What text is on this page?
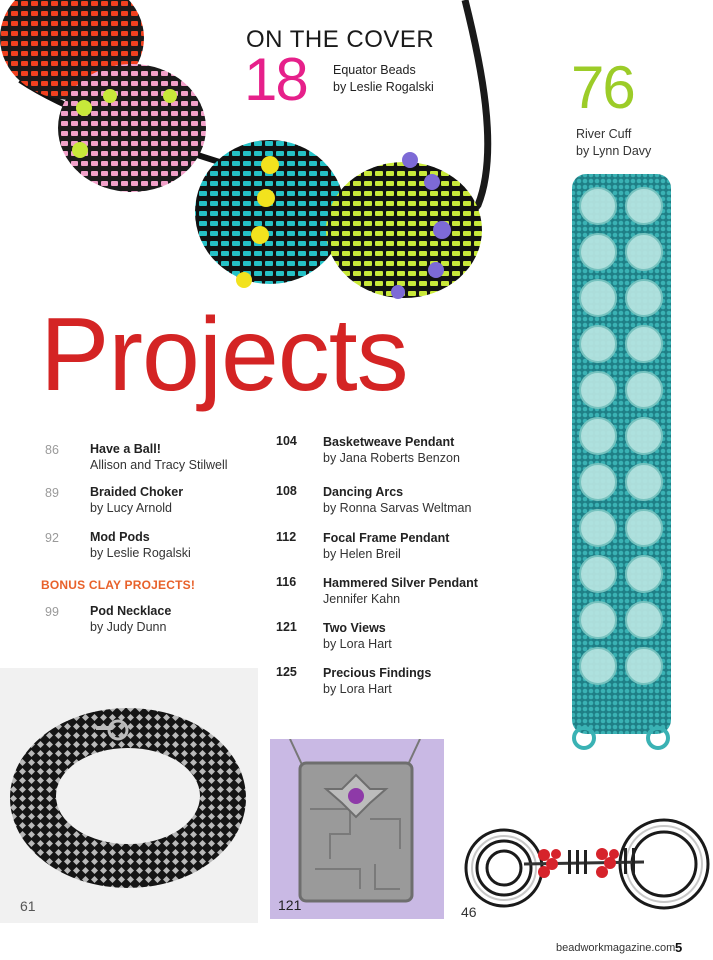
ON THE COVER
18 Equator Beads
by Leslie Rogalski 76
River Cuff
by Lynn Davy
Projects
86 Have a Ball!
Allison and Tracy Stilwell
89 Braided Choker
by Lucy Arnold
92 Mod Pods
by Leslie Rogalski
BONUS CLAY PROJECTS!
99 Pod Necklace
by Judy Dunn
104 Basketweave Pendant
by Jana Roberts Benzon
108 Dancing Arcs
by Ronna Sarvas Weltman
112 Focal Frame Pendant
by Helen Breil
116 Hammered Silver Pendant
Jennifer Kahn
121 Two Views
by Lora Hart
125 Precious Findings
by Lora Hart
61	121	46
beadworkmagazine.com 5
